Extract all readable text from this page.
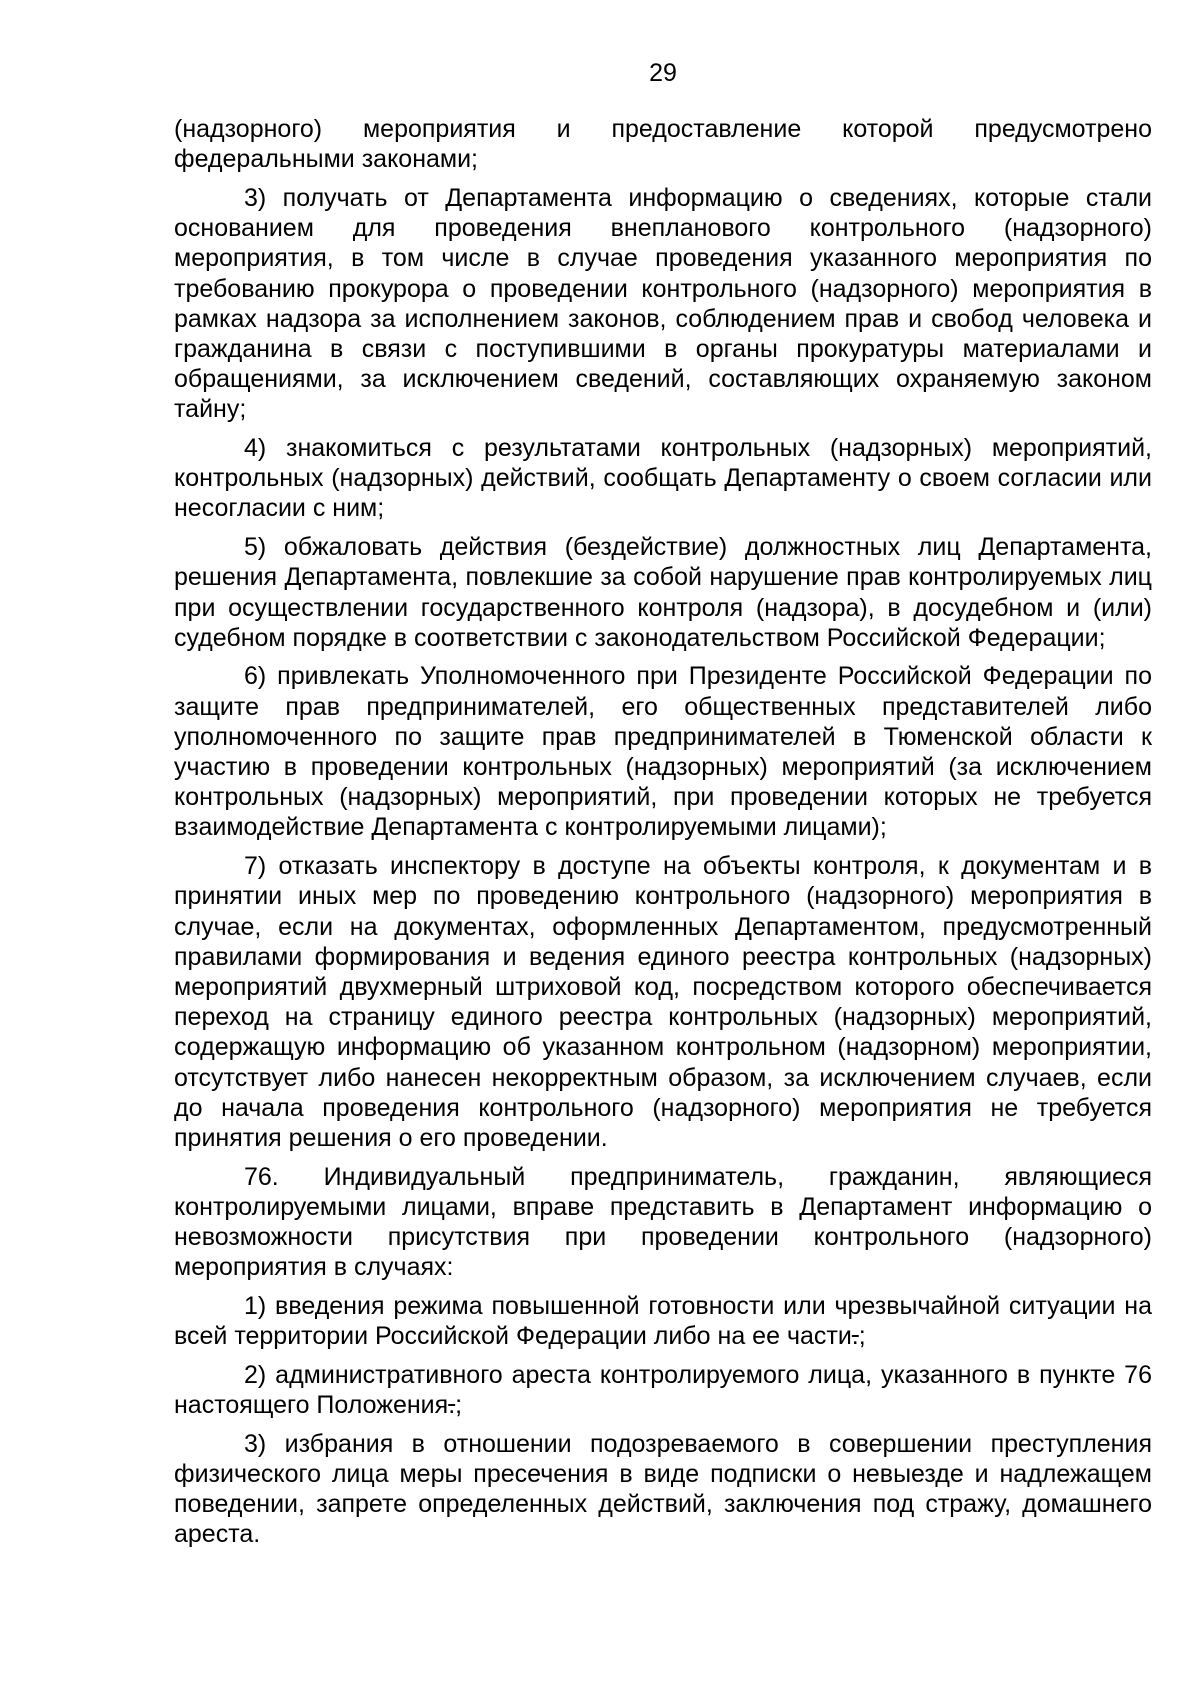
29

(надзорного) мероприятия и предоставление которой предусмотрено федеральными законами;

3) получать от Департамента информацию о сведениях, которые стали основанием для проведения внепланового контрольного (надзорного) мероприятия, в том числе в случае проведения указанного мероприятия по требованию прокурора о проведении контрольного (надзорного) мероприятия в рамках надзора за исполнением законов, соблюдением прав и свобод человека и гражданина в связи с поступившими в органы прокуратуры материалами и обращениями, за исключением сведений, составляющих охраняемую законом тайну;

4) знакомиться с результатами контрольных (надзорных) мероприятий, контрольных (надзорных) действий, сообщать Департаменту о своем согласии или несогласии с ним;

5) обжаловать действия (бездействие) должностных лиц Департамента, решения Департамента, повлекшие за собой нарушение прав контролируемых лиц при осуществлении государственного контроля (надзора), в досудебном и (или) судебном порядке в соответствии с законодательством Российской Федерации;

6) привлекать Уполномоченного при Президенте Российской Федерации по защите прав предпринимателей, его общественных представителей либо уполномоченного по защите прав предпринимателей в Тюменской области к участию в проведении контрольных (надзорных) мероприятий (за исключением контрольных (надзорных) мероприятий, при проведении которых не требуется взаимодействие Департамента с контролируемыми лицами);

7) отказать инспектору в доступе на объекты контроля, к документам и в принятии иных мер по проведению контрольного (надзорного) мероприятия в случае, если на документах, оформленных Департаментом, предусмотренный правилами формирования и ведения единого реестра контрольных (надзорных) мероприятий двухмерный штриховой код, посредством которого обеспечивается переход на страницу единого реестра контрольных (надзорных) мероприятий, содержащую информацию об указанном контрольном (надзорном) мероприятии, отсутствует либо нанесен некорректным образом, за исключением случаев, если до начала проведения контрольного (надзорного) мероприятия не требуется принятия решения о его проведении.

76. Индивидуальный предприниматель, гражданин, являющиеся контролируемыми лицами, вправе представить в Департамент информацию о невозможности присутствия при проведении контрольного (надзорного) мероприятия в случаях:

1) введения режима повышенной готовности или чрезвычайной ситуации на всей территории Российской Федерации либо на ее части.;

2) административного ареста контролируемого лица, указанного в пункте 76 настоящего Положения.;

3) избрания в отношении подозреваемого в совершении преступления физического лица меры пресечения в виде подписки о невыезде и надлежащем поведении, запрете определенных действий, заключения под стражу, домашнего ареста.
